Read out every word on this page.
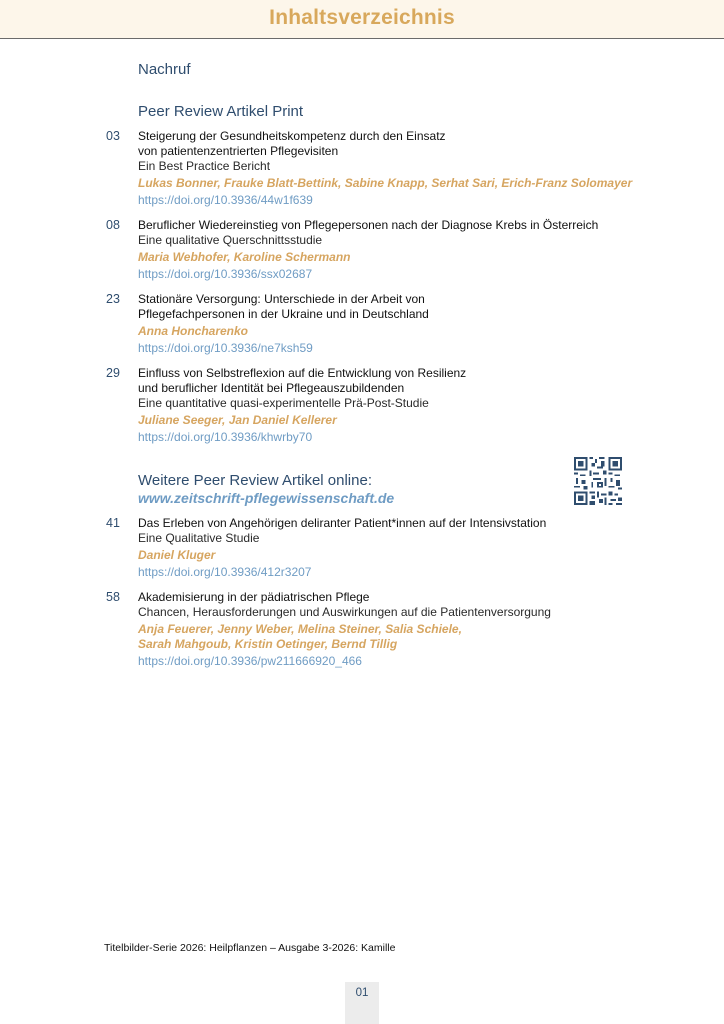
Inhaltsverzeichnis
Nachruf
Peer Review Artikel Print
03 Steigerung der Gesundheitskompetenz durch den Einsatz
von patientenzentrierten Pflegevisiten
Ein Best Practice Bericht
Lukas Bonner, Frauke Blatt-Bettink, Sabine Knapp, Serhat Sari, Erich-Franz Solomayer
https://doi.org/10.3936/44w1f639
08 Beruflicher Wiedereinstieg von Pflegepersonen nach der Diagnose Krebs in Österreich
Eine qualitative Querschnittsstudie
Maria Webhofer, Karoline Schermann
https://doi.org/10.3936/ssx02687
23 Stationäre Versorgung: Unterschiede in der Arbeit von
Pflegefachpersonen in der Ukraine und in Deutschland
Anna Honcharenko
https://doi.org/10.3936/ne7ksh59
29 Einfluss von Selbstreflexion auf die Entwicklung von Resilienz
und beruflicher Identität bei Pflegeauszubildenden
Eine quantitative quasi-experimentelle Prä-Post-Studie
Juliane Seeger, Jan Daniel Kellerer
https://doi.org/10.3936/khwrby70
Weitere Peer Review Artikel online:
www.zeitschrift-pflegewissenschaft.de
41 Das Erleben von Angehörigen deliranter Patient*innen auf der Intensivstation
Eine Qualitative Studie
Daniel Kluger
https://doi.org/10.3936/412r3207
58 Akademisierung in der pädiatrischen Pflege
Chancen, Herausforderungen und Auswirkungen auf die Patientenversorgung
Anja Feuerer, Jenny Weber, Melina Steiner, Salia Schiele,
Sarah Mahgoub, Kristin Oetinger, Bernd Tillig
https://doi.org/10.3936/pw211666920_466
Titelbilder-Serie 2026: Heilpflanzen – Ausgabe 3-2026: Kamille
01
